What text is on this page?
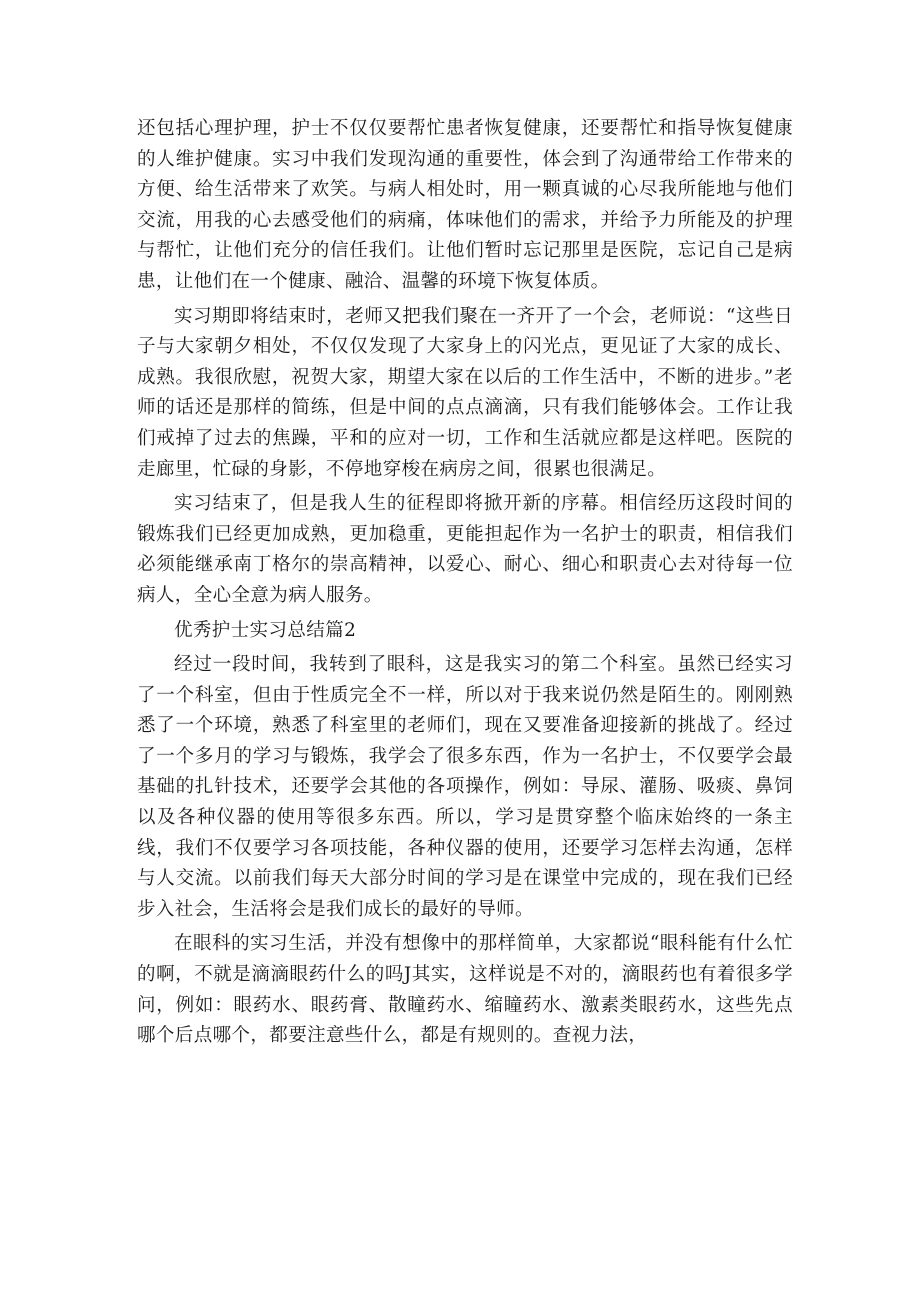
还包括心理护理，护士不仅仅要帮忙患者恢复健康，还要帮忙和指导恢复健康的人维护健康。实习中我们发现沟通的重要性，体会到了沟通带给工作带来的方便、给生活带来了欢笑。与病人相处时，用一颗真诚的心尽我所能地与他们交流，用我的心去感受他们的病痛，体味他们的需求，并给予力所能及的护理与帮忙，让他们充分的信任我们。让他们暂时忘记那里是医院，忘记自己是病患，让他们在一个健康、融洽、温馨的环境下恢复体质。

实习期即将结束时，老师又把我们聚在一齐开了一个会，老师说：“这些日子与大家朝夕相处，不仅仅发现了大家身上的闪光点，更见证了大家的成长、成熟。我很欣慰，祝贺大家，期望大家在以后的工作生活中，不断的进步。”老师的话还是那样的简练，但是中间的点点滴滴，只有我们能够体会。工作让我们戒掉了过去的焦躁，平和的应对一切，工作和生活就应都是这样吧。医院的走廊里，忙碌的身影，不停地穿梭在病房之间，很累也很满足。

实习结束了，但是我人生的征程即将掀开新的序幕。相信经历这段时间的锻炼我们已经更加成熟，更加稳重，更能担起作为一名护士的职责，相信我们必须能继承南丁格尔的崇高精神，以爱心、耐心、细心和职责心去对待每一位病人，全心全意为病人服务。

优秀护士实习总结篇2

经过一段时间，我转到了眼科，这是我实习的第二个科室。虽然已经实习了一个科室，但由于性质完全不一样，所以对于我来说仍然是陌生的。刚刚熟悉了一个环境，熟悉了科室里的老师们，现在又要准备迎接新的挑战了。经过了一个多月的学习与锻炼，我学会了很多东西，作为一名护士，不仅要学会最基础的扎针技术，还要学会其他的各项操作，例如：导尿、灌肠、吸痰、鼻饲以及各种仪器的使用等很多东西。所以，学习是贯穿整个临床始终的一条主线，我们不仅要学习各项技能，各种仪器的使用，还要学习怎样去沟通，怎样与人交流。以前我们每天大部分时间的学习是在课堂中完成的，现在我们已经步入社会，生活将会是我们成长的最好的导师。

在眼科的实习生活，并没有想像中的那样简单，大家都说“眼科能有什么忙的啊，不就是滴滴眼药什么的吗J其实，这样说是不对的，滴眼药也有着很多学问，例如：眼药水、眼药膏、散瞳药水、缩瞳药水、激素类眼药水，这些先点哪个后点哪个，都要注意些什么，都是有规则的。查视力法，
